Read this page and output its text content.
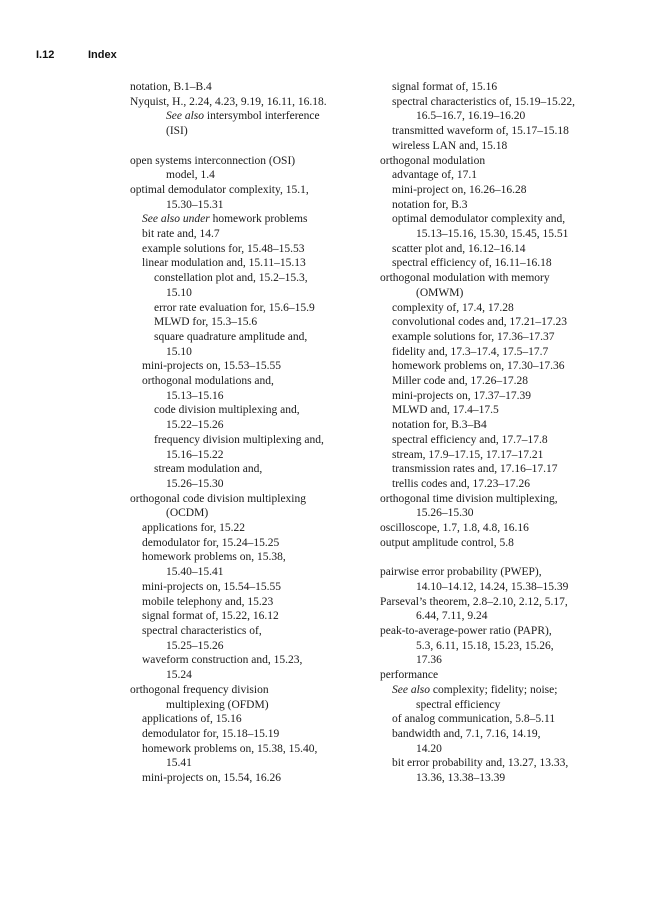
I.12	Index
notation, B.1–B.4
Nyquist, H., 2.24, 4.23, 9.19, 16.11, 16.18.
See also intersymbol interference
(ISI)
open systems interconnection (OSI)
model, 1.4
optimal demodulator complexity, 15.1,
15.30–15.31
See also under homework problems
bit rate and, 14.7
example solutions for, 15.48–15.53
linear modulation and, 15.11–15.13
constellation plot and, 15.2–15.3,
15.10
error rate evaluation for, 15.6–15.9
MLWD for, 15.3–15.6
square quadrature amplitude and,
15.10
mini-projects on, 15.53–15.55
orthogonal modulations and,
15.13–15.16
code division multiplexing and,
15.22–15.26
frequency division multiplexing and,
15.16–15.22
stream modulation and,
15.26–15.30
orthogonal code division multiplexing
(OCDM)
applications for, 15.22
demodulator for, 15.24–15.25
homework problems on, 15.38,
15.40–15.41
mini-projects on, 15.54–15.55
mobile telephony and, 15.23
signal format of, 15.22, 16.12
spectral characteristics of,
15.25–15.26
waveform construction and, 15.23,
15.24
orthogonal frequency division
multiplexing (OFDM)
applications of, 15.16
demodulator for, 15.18–15.19
homework problems on, 15.38, 15.40,
15.41
mini-projects on, 15.54, 16.26
signal format of, 15.16
spectral characteristics of, 15.19–15.22,
16.5–16.7, 16.19–16.20
transmitted waveform of, 15.17–15.18
wireless LAN and, 15.18
orthogonal modulation
advantage of, 17.1
mini-project on, 16.26–16.28
notation for, B.3
optimal demodulator complexity and,
15.13–15.16, 15.30, 15.45, 15.51
scatter plot and, 16.12–16.14
spectral efficiency of, 16.11–16.18
orthogonal modulation with memory
(OMWM)
complexity of, 17.4, 17.28
convolutional codes and, 17.21–17.23
example solutions for, 17.36–17.37
fidelity and, 17.3–17.4, 17.5–17.7
homework problems on, 17.30–17.36
Miller code and, 17.26–17.28
mini-projects on, 17.37–17.39
MLWD and, 17.4–17.5
notation for, B.3–B4
spectral efficiency and, 17.7–17.8
stream, 17.9–17.15, 17.17–17.21
transmission rates and, 17.16–17.17
trellis codes and, 17.23–17.26
orthogonal time division multiplexing,
15.26–15.30
oscilloscope, 1.7, 1.8, 4.8, 16.16
output amplitude control, 5.8
pairwise error probability (PWEP),
14.10–14.12, 14.24, 15.38–15.39
Parseval’s theorem, 2.8–2.10, 2.12, 5.17,
6.44, 7.11, 9.24
peak-to-average-power ratio (PAPR),
5.3, 6.11, 15.18, 15.23, 15.26,
17.36
performance
See also complexity; fidelity; noise;
spectral efficiency
of analog communication, 5.8–5.11
bandwidth and, 7.1, 7.16, 14.19,
14.20
bit error probability and, 13.27, 13.33,
13.36, 13.38–13.39
